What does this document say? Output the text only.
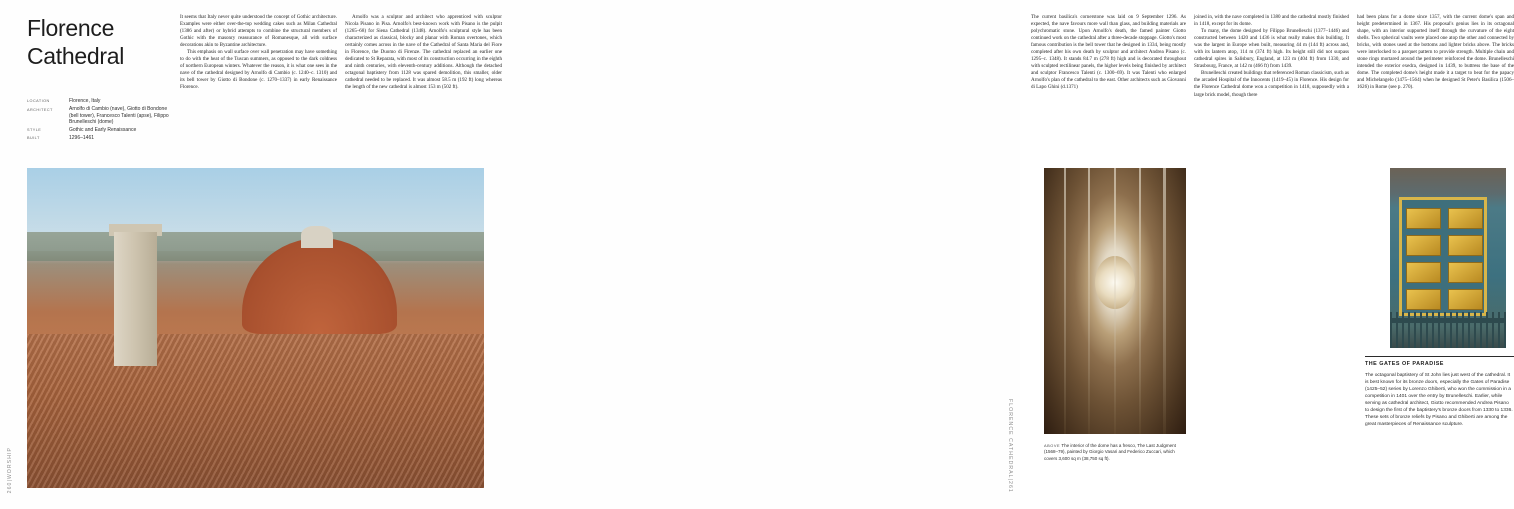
Florence Cathedral
LOCATION	Florence, Italy
ARCHITECT	Arnolfo di Cambio (nave), Giotto di Bondone (bell tower), Francesco Talenti (apse), Filippo Brunelleschi (dome)
STYLE	Gothic and Early Renaissance
BUILT	1296–1461

It seems that Italy never quite understood the concept of Gothic architecture. Examples were either over-the-top wedding cakes such as Milan Cathedral (1386 and after) or hybrid attempts to combine the structural members of Gothic with the masonry reassurance of Romanesque, all with surface decorations akin to Byzantine architecture.

This emphasis on wall surface over wall penetration may have something to do with the heat of the Tuscan summers, as opposed to the dark coldness of northern European winters. Whatever the reason, it is what one sees in the nave of the cathedral designed by Arnolfo di Cambio (c. 1240–c. 1310) and its bell tower by Giotto di Bondone (c. 1270–1337) in early Renaissance Florence.

Arnolfo was a sculptor and architect who apprenticed with sculptor Nicola Pisano in Pisa. Arnolfo's best-known work with Pisano is the pulpit (1265–68) for Siena Cathedral (1348). Arnolfo's sculptural style has been characterized as classical, blocky and planar with Roman overtones, which certainly comes across in the nave of the Cathedral of Santa Maria del Fiore in Florence, the Duomo di Firenze. The cathedral replaced an earlier one dedicated to St Reparata, with most of its construction occurring in the eighth and ninth centuries, with eleventh-century additions. Although the detached octagonal baptistery from 1128 was spared demolition, this smaller, older cathedral needed to be replaced. It was almost 58.5 m (192 ft) long whereas the length of the new cathedral is almost 153 m (502 ft).

260|WORSHIP

The current basilica's cornerstone was laid on 9 September 1296. As expected, the nave favours more wall than glass, and building materials are polychromatic stone. Upon Arnolfo's death, the famed painter Giotto continued work on the cathedral after a three-decade stoppage. Giotto's most famous contribution is the bell tower that he designed in 1334, being mostly completed after his own death by sculptor and architect Andrea Pisano (c. 1295–c. 1348). It stands 84.7 m (278 ft) high and is decorated throughout with sculpted rectilinear panels, the higher levels being finished by architect and sculptor Francesco Talenti (c. 1300–69). It was Talenti who enlarged Arnolfo's plan of the cathedral to the east. Other architects such as Giovanni di Lapo Ghini (d.1371)

joined in, with the nave completed in 1380 and the cathedral mostly finished in 1418, except for its dome.

To many, the dome designed by Filippo Brunelleschi (1377–1446) and constructed between 1420 and 1436 is what really makes this building. It was the largest in Europe when built, measuring 44 m (144 ft) across and, with its lantern atop, 114 m (374 ft) high. Its height still did not surpass cathedral spires in Salisbury, England, at 123 m (404 ft) from 1330, and Strasbourg, France, at 142 m (466 ft) from 1439.

Brunelleschi created buildings that referenced Roman classicism, such as the arcaded Hospital of the Innocents (1419–45) in Florence. His design for the Florence Cathedral dome won a competition in 1418, supposedly with a large brick model, though there

had been plans for a dome since 1357, with the current dome's span and height predetermined in 1367. His proposal's genius lies in its octagonal shape, with an interior supported itself through the curvature of the eight shells. Two spherical vaults were placed one atop the other and connected by bricks, with stones used at the bottoms and lighter bricks above. The bricks were interlocked to a parquet pattern to provide strength. Multiple chain and stone rings mortared around the perimeter reinforced the dome. Brunelleschi intended the exterior exedra, designed in 1439, to buttress the base of the dome. The completed dome's height made it a target to beat for the papacy and Michelangelo (1475–1564) when he designed St Peter's Basilica (1506–1626) in Rome (see p. 270).

ABOVE The interior of the dome has a fresco, The Last Judgment (1568–79), painted by Giorgio Vasari and Federico Zuccari, which covers 3,600 sq m (38,750 sq ft).
THE GATES OF PARADISE
The octagonal baptistery of St John lies just west of the cathedral. It is best known for its bronze doors, especially the Gates of Paradise (1425–52) series by Lorenzo Ghiberti, who won the commission in a competition in 1401 over the entry by Brunelleschi. Earlier, while serving as cathedral architect, Giotto recommended Andrea Pisano to design the first of the baptistery's bronze doors from 1330 to 1336. These sets of bronze reliefs by Pisano and Ghiberti are among the great masterpieces of Renaissance sculpture.
FLORENCE CATHEDRAL|261
